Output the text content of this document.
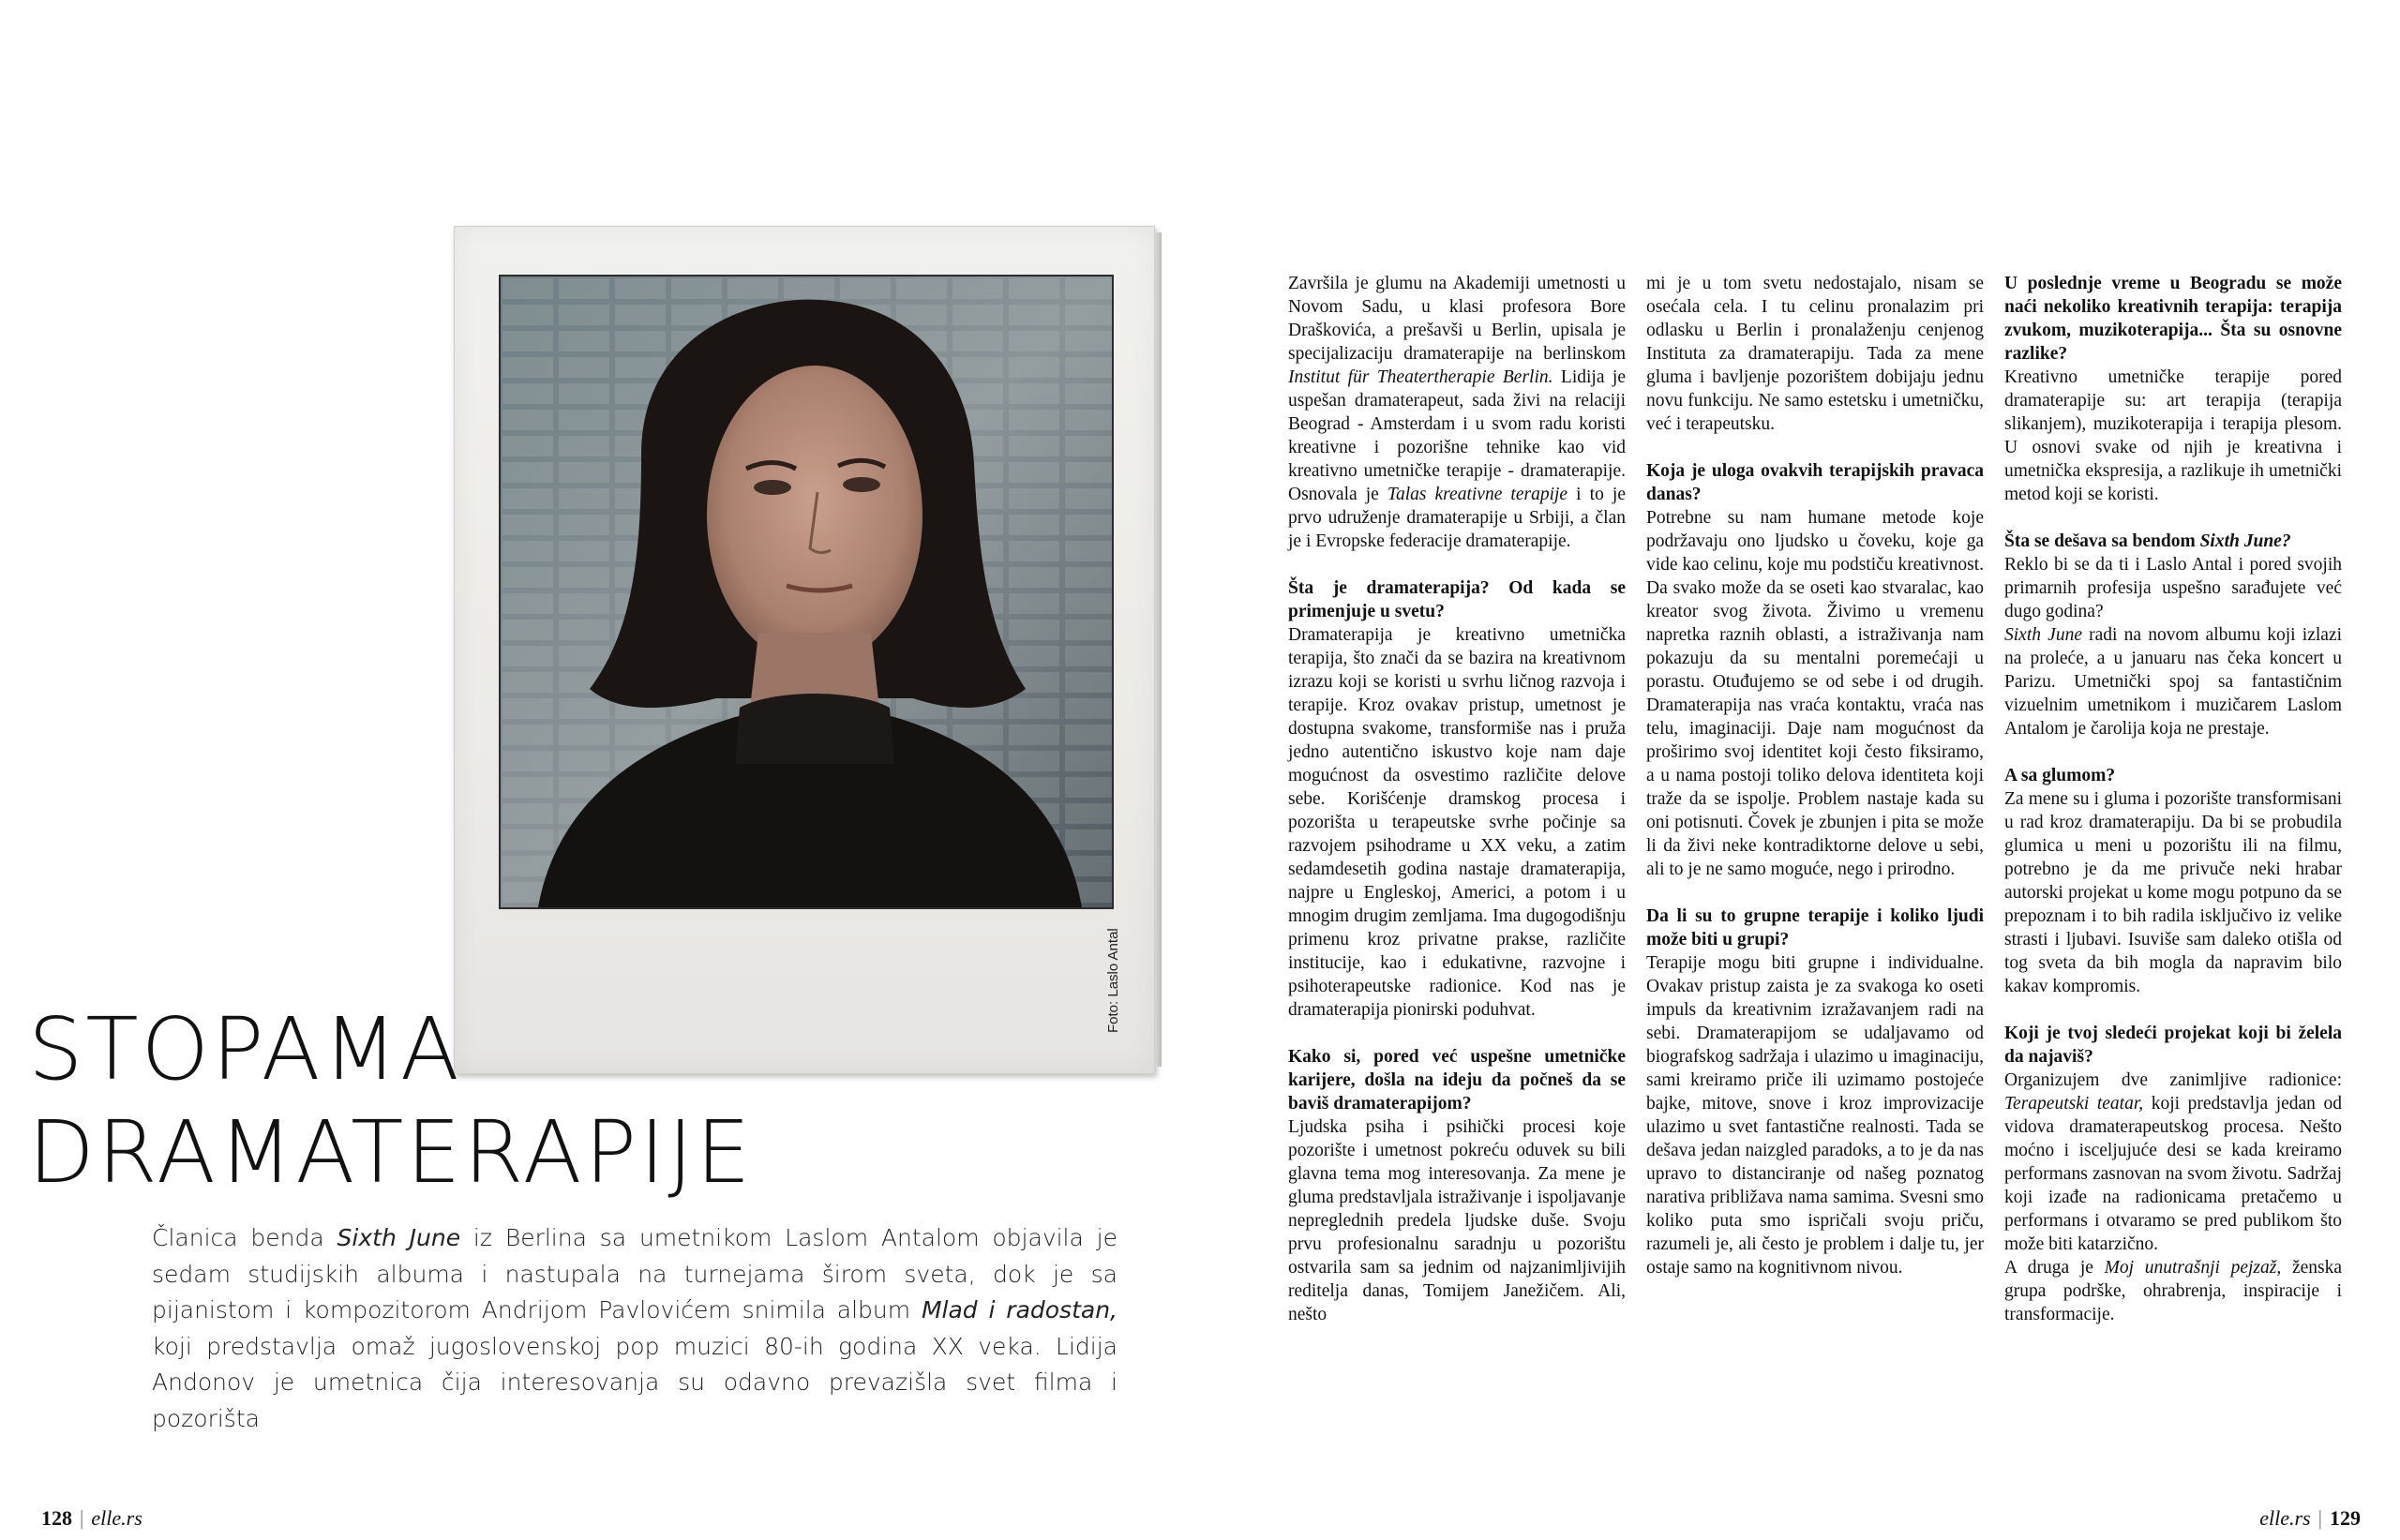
Foto: Laslo Antal
STOPAMA
DRAMATERAPIJE

Članica benda Sixth June iz Berlina sa umetnikom Laslom Antalom objavila je sedam studijskih albuma i nastupala na turnejama širom sveta, dok je sa pijanistom i kompozitorom Andrijom Pavlovićem snimila album Mlad i radostan, koji predstavlja omaž jugoslovenskoj pop muzici 80-ih godina XX veka. Lidija Andonov je umetnica čija interesovanja su odavno prevazišla svet filma i pozorišta

Završila je glumu na Akademiji umetnosti u Novom Sadu, u klasi profesora Bore Draškovića, a prešavši u Berlin, upisala je specijalizaciju dramaterapije na berlinskom Institut für Theatertherapie Berlin. Lidija je uspešan dramaterapeut, sada živi na relaciji Beograd - Amsterdam i u svom radu koristi kreativne i pozorišne tehnike kao vid kreativno umetničke terapije - dramaterapije. Osnovala je Talas kreativne terapije i to je prvo udruženje dramaterapije u Srbiji, a član je i Evropske federacije dramaterapije.

Šta je dramaterapija? Od kada se primenjuje u svetu?

Dramaterapija je kreativno umetnička terapija, što znači da se bazira na kreativnom izrazu koji se koristi u svrhu ličnog razvoja i terapije. Kroz ovakav pristup, umetnost je dostupna svakome, transformiše nas i pruža jedno autentično iskustvo koje nam daje mogućnost da osvestimo različite delove sebe. Korišćenje dramskog procesa i pozorišta u terapeutske svrhe počinje sa razvojem psihodrame u XX veku, a zatim sedamdesetih godina nastaje dramaterapija, najpre u Engleskoj, Americi, a potom i u mnogim drugim zemljama. Ima dugogodišnju primenu kroz privatne prakse, različite institucije, kao i edukativne, razvojne i psihoterapeutske radionice. Kod nas je dramaterapija pionirski poduhvat.

Kako si, pored već uspešne umetničke karijere, došla na ideju da počneš da se baviš dramaterapijom?

Ljudska psiha i psihički procesi koje pozorište i umetnost pokreću oduvek su bili glavna tema mog interesovanja. Za mene je gluma predstavljala istraživanje i ispoljavanje nepreglednih predela ljudske duše. Svoju prvu profesionalnu saradnju u pozorištu ostvarila sam sa jednim od najzanimljivijih reditelja danas, Tomijem Janežičem. Ali, nešto

mi je u tom svetu nedostajalo, nisam se osećala cela. I tu celinu pronalazim pri odlasku u Berlin i pronalaženju cenjenog Instituta za dramaterapiju. Tada za mene gluma i bavljenje pozorištem dobijaju jednu novu funkciju. Ne samo estetsku i umetničku, već i terapeutsku.

Koja je uloga ovakvih terapijskih pravaca danas?

Potrebne su nam humane metode koje podržavaju ono ljudsko u čoveku, koje ga vide kao celinu, koje mu podstiču kreativnost. Da svako može da se oseti kao stvaralac, kao kreator svog života. Živimo u vremenu napretka raznih oblasti, a istraživanja nam pokazuju da su mentalni poremećaji u porastu. Otuđujemo se od sebe i od drugih. Dramaterapija nas vraća kontaktu, vraća nas telu, imaginaciji. Daje nam mogućnost da proširimo svoj identitet koji često fiksiramo, a u nama postoji toliko delova identiteta koji traže da se ispolje. Problem nastaje kada su oni potisnuti. Čovek je zbunjen i pita se može li da živi neke kontradiktorne delove u sebi, ali to je ne samo moguće, nego i prirodno.

Da li su to grupne terapije i koliko ljudi može biti u grupi?

Terapije mogu biti grupne i individualne. Ovakav pristup zaista je za svakoga ko oseti impuls da kreativnim izražavanjem radi na sebi. Dramaterapijom se udaljavamo od biografskog sadržaja i ulazimo u imaginaciju, sami kreiramo priče ili uzimamo postojeće bajke, mitove, snove i kroz improvizacije ulazimo u svet fantastične realnosti. Tada se dešava jedan naizgled paradoks, a to je da nas upravo to distanciranje od našeg poznatog narativa približava nama samima. Svesni smo koliko puta smo ispričali svoju priču, razumeli je, ali često je problem i dalje tu, jer ostaje samo na kognitivnom nivou.

U poslednje vreme u Beogradu se može naći nekoliko kreativnih terapija: terapija zvukom, muzikoterapija... Šta su osnovne razlike?

Kreativno umetničke terapije pored dramaterapije su: art terapija (terapija slikanjem), muzikoterapija i terapija plesom. U osnovi svake od njih je kreativna i umetnička ekspresija, a razlikuje ih umetnički metod koji se koristi.

Šta se dešava sa bendom Sixth June?

Reklo bi se da ti i Laslo Antal i pored svojih primarnih profesija uspešno sarađujete već dugo godina?

Sixth June radi na novom albumu koji izlazi na proleće, a u januaru nas čeka koncert u Parizu. Umetnički spoj sa fantastičnim vizuelnim umetnikom i muzičarem Laslom Antalom je čarolija koja ne prestaje.

A sa glumom?

Za mene su i gluma i pozorište transformisani u rad kroz dramaterapiju. Da bi se probudila glumica u meni u pozorištu ili na filmu, potrebno je da me privuče neki hrabar autorski projekat u kome mogu potpuno da se prepoznam i to bih radila isključivo iz velike strasti i ljubavi. Isuviše sam daleko otišla od tog sveta da bih mogla da napravim bilo kakav kompromis.

Koji je tvoj sledeći projekat koji bi želela da najaviš?

Organizujem dve zanimljive radionice: Terapeutski teatar, koji predstavlja jedan od vidova dramaterapeutskog procesa. Nešto moćno i isceljujuće desi se kada kreiramo performans zasnovan na svom životu. Sadržaj koji izađe na radionicama pretačemo u performans i otvaramo se pred publikom što može biti katarzično.

A druga je Moj unutrašnji pejzaž, ženska grupa podrške, ohrabrenja, inspiracije i transformacije.

128 | elle.rs	elle.rs | 129
